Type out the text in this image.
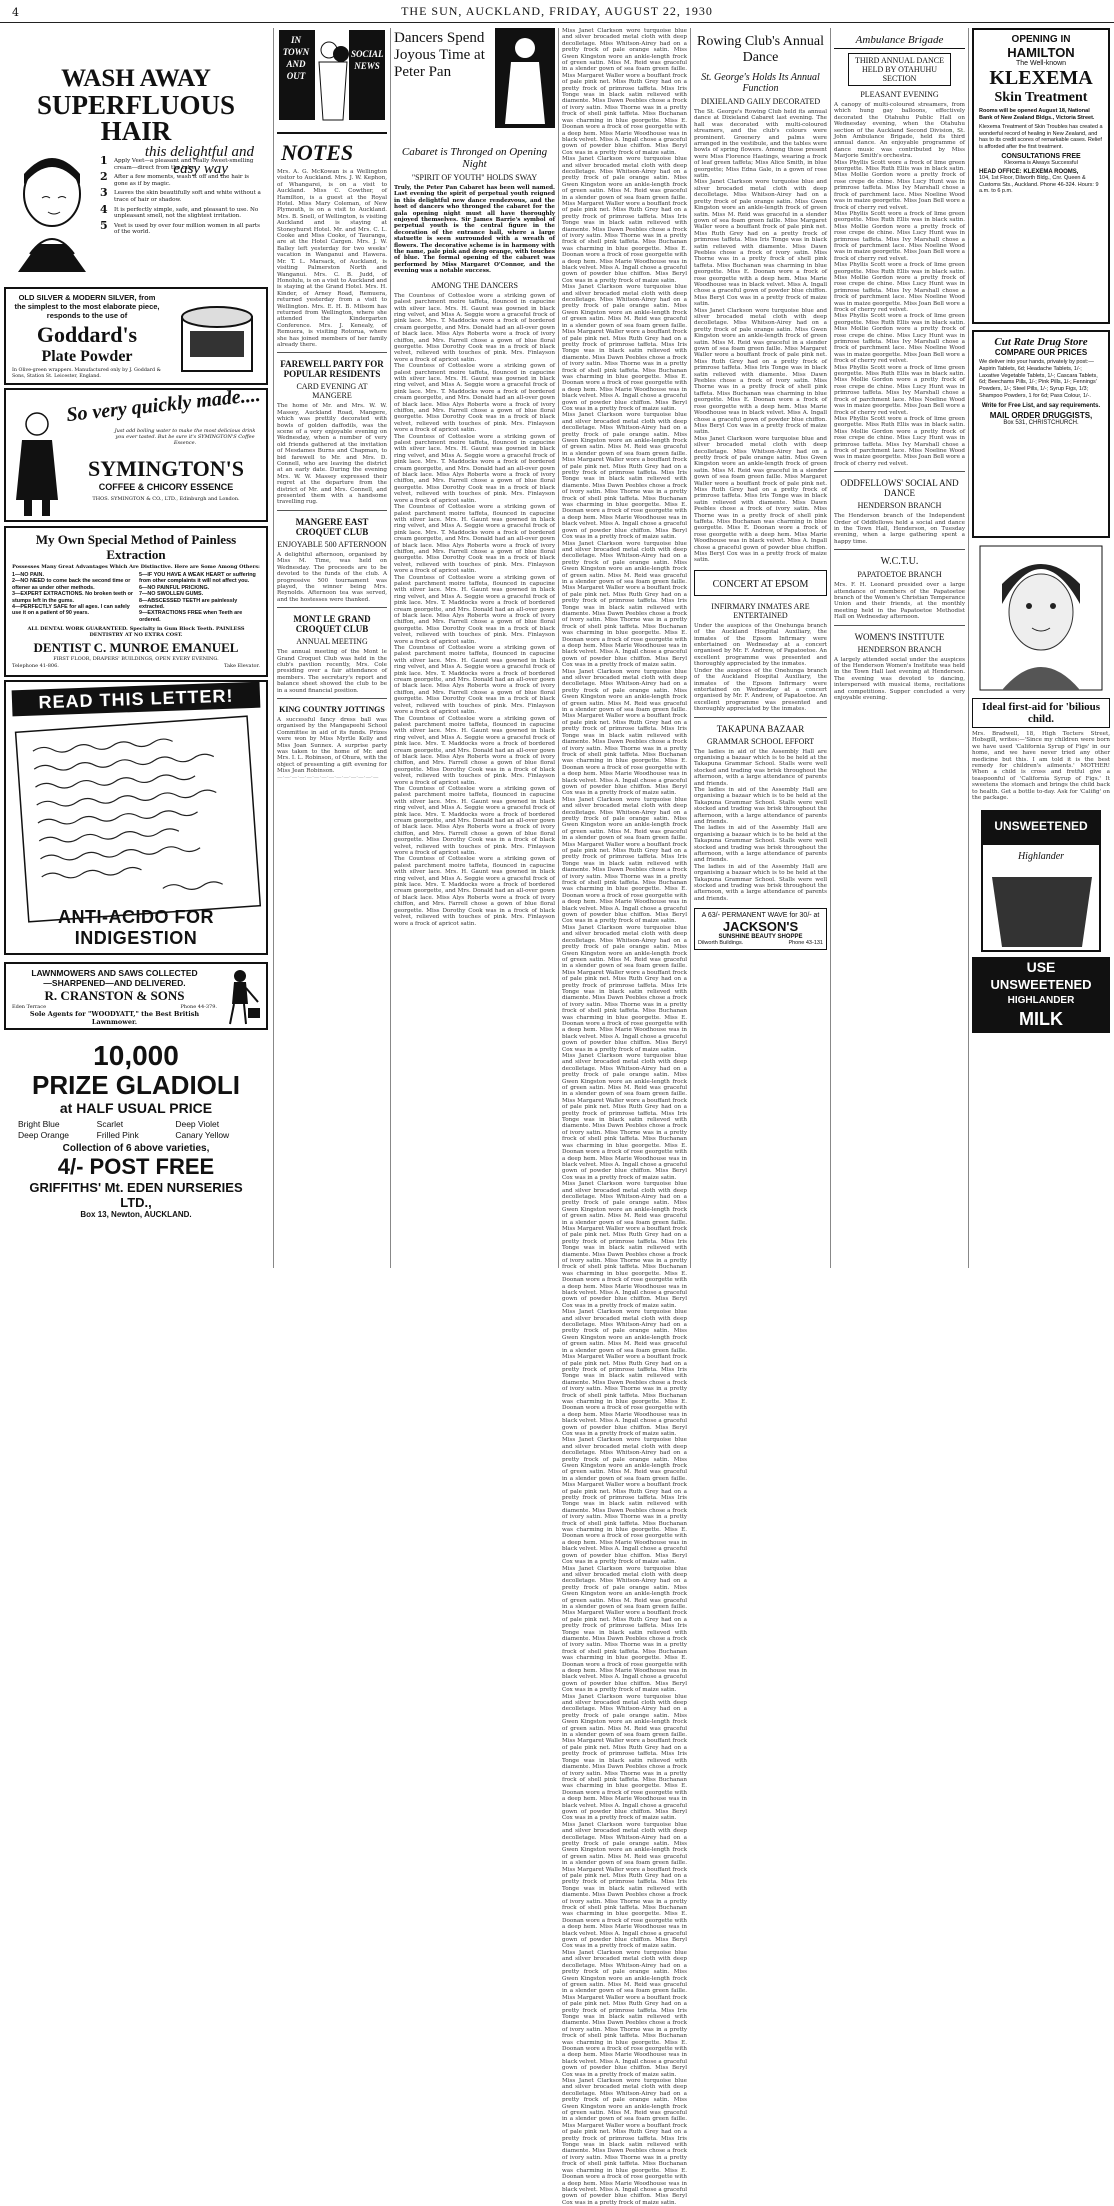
4	THE SUN, AUCKLAND, FRIDAY, AUGUST 22, 1930
WASH AWAY
SUPERFLUOUS HAIR
this delightful and
easy way
1 Apply Veet—a pleasant and really sweet-smelling cream—direct from the tube.
2 After a few moments, wash it off and the hair is gone as if by magic.
3 Leaves the skin beautifully soft and white without a trace of hair or shadow.
4 It is perfectly simple, safe, and pleasant to use. No unpleasant smell, not the slightest irritation.
5 Veet is used by over four million women in all parts of the world.
OLD SILVER & MODERN SILVER, from the simplest to the most elaborate piece, responds to the use of
Goddard's
Plate Powder
In Olive-green wrappers. Manufactured only by J. Goddard & Sons, Station St. Leicester, England.
So very quickly made....
Just add boiling water to make the most delicious drink you ever tasted. But be sure it's SYMINGTON'S Coffee Essence.
SYMINGTON'S
COFFEE & CHICORY ESSENCE
THOS. SYMINGTON & CO., LTD., Edinburgh and London.
My Own Special Method of Painless Extraction
Possesses Many Great Advantages Which Are Distinctive. Here are Some Among Others:
1—NO PAIN.
2—NO NEED to come back the second time or oftener as under other methods.
3—EXPERT EXTRACTIONS. No broken teeth or stumps left in the gums.
4—PERFECTLY SAFE for all ages. I can safely use it on a patient of 90 years.
5—IF YOU HAVE A WEAK HEART or suffering from other complaints it will not affect you.
6—NO PAINFUL PRICKING.
7—NO SWOLLEN GUMS.
8—ABSCESSED TEETH are painlessly extracted.
9—EXTRACTIONS FREE when Teeth are ordered.
ALL DENTAL WORK GUARANTEED. Specialty in Gum Block Teeth. PAINLESS DENTISTRY AT NO EXTRA COST.
DENTIST C. MUNROE EMANUEL
FIRST FLOOR, DRAPERS' BUILDINGS, OPEN EVERY EVENING.
Telephone 41-806.	Take Elevator.
READ THIS LETTER!
ANTI-ACIDO FOR INDIGESTION
LAWNMOWERS AND SAWS COLLECTED
—SHARPENED—AND DELIVERED.
R. CRANSTON & SONS
Eden Terrace	Phone 44-379.
Sole Agents for "WOODYATT," the Best British Lawnmower.
10,000
PRIZE GLADIOLI
at HALF USUAL PRICE
Bright Blue	Scarlet	Deep Violet
Deep Orange	Frilled Pink	Canary Yellow
Collection of 6 above varieties,
4/- POST FREE
GRIFFITHS' Mt. EDEN NURSERIES LTD.,
Box 13, Newton, AUCKLAND.
IN TOWN AND OUT
SOCIAL NEWS
NOTES
Mrs. A. G. McKowan is a Wellington visitor to Auckland. Mrs. J. W. Kephon, of Whangarei, is on a visit to Auckland. Miss C. Cowther, of Hamilton, is a guest at the Royal Hotel. Miss Mary Coleman, of New Plymouth, is on a visit to Auckland. Mrs. B. Snell, of Wellington, is visiting Auckland and is staying at Stoneyhurst Hotel. Mr. and Mrs. C. L. Cooke and Miss Cooke, of Tauranga, are at the Hotel Cargen. Mrs. J. W. Balley left yesterday for two weeks' vacation in Wanganui and Hawera. Mr. T. L. Marsack, of Auckland, is visiting Palmerston North and Wanganui. Mrs. C. B. Judd, of Honolulu, is on a visit to Auckland and is staying at the Grand Hotel. Mrs. H. Kinder, of Arney Road, Remuera, returned yesterday from a visit to Wellington. Mrs. E. H. B. Milsom has returned from Wellington, where she attended the Kindergarten Conference. Mrs. J. Kenealy, of Remuera, is visiting Rotorua, where she has joined members of her family already there.
FAREWELL PARTY FOR POPULAR RESIDENTS
CARD EVENING AT MANGERE
The home of Mr. and Mrs. W. W. Massey, Auckland Road, Mangere, which was prettily decorated with bowls of golden daffodils, was the scene of a very enjoyable evening on Wednesday, when a number of very old friends gathered at the invitation of Mesdames Burns and Chapman, to bid farewell to Mr. and Mrs. D. Connell, who are leaving the district at an early date. During the evening Mrs. W. W. Massey expressed their regret at the departure from the district of Mr. and Mrs. Connell, and presented them with a handsome travelling rug.
MANGERE EAST CROQUET CLUB
ENJOYABLE 500 AFTERNOON
A delightful afternoon, organised by Miss M. Time, was held on Wednesday. The proceeds are to be devoted to the funds of the club. A progressive 500 tournament was played, the winner being Mrs. Reynolds. Afternoon tea was served, and the hostesses were thanked.
MONT LE GRAND CROQUET CLUB
ANNUAL MEETING
The annual meeting of the Mont le Grand Croquet Club was held in the club's pavilion recently, Mrs. Cole presiding over a fair attendance of members. The secretary's report and balance sheet showed the club to be in a sound financial position.
KING COUNTRY JOTTINGS
A successful fancy dress ball was organised by the Mangapeehi School Committee in aid of its funds. Prizes were won by Miss Myrtle Kelly and Miss Joan Sunnex. A surprise party was taken to the home of Mr. and Mrs. I. L. Robinson, of Ohura, with the object of presenting a gift evening for Miss Jean Robinson.
—·—·—·—·—·—·—·—·—·—·—·—·—·—
Dancers Spend Joyous Time at Peter Pan
Cabaret is Thronged on Opening Night
"SPIRIT OF YOUTH" HOLDS SWAY
Truly, the Peter Pan Cabaret has been well named. Last evening the spirit of perpetual youth reigned in this delightful new dance rendezvous, and the host of dancers who thronged the cabaret for the gala opening night must all have thoroughly enjoyed themselves. Sir James Barrie's symbol of perpetual youth is the central figure in the decoration of the entrance hall, where a large statuette is seen surrounded with a wreath of flowers. The decorative scheme is in harmony with the name, pale pink and deep orange, with touches of blue. The formal opening of the cabaret was performed by Miss Margaret O'Connor, and the evening was a notable success.
AMONG THE DANCERS
The Countess of Cottesloe wore a striking gown of palest parchment moire taffeta, flounced in capucine with silver lace. Mrs. H. Gaunt was gowned in black ring velvet, and Miss A. Seggie wore a graceful frock of pink lace. Mrs. T. Maddocks wore a frock of bordered cream georgette, and Mrs. Donald had an all-over gown of black lace. Miss Alys Roberts wore a frock of ivory chiffon, and Mrs. Farrell chose a gown of blue floral georgette. Miss Dorothy Cook was in a frock of black velvet, relieved with touches of pink. Mrs. Finlayson wore a frock of apricot satin.
The Countess of Cottesloe wore a striking gown of palest parchment moire taffeta, flounced in capucine with silver lace. Mrs. H. Gaunt was gowned in black ring velvet, and Miss A. Seggie wore a graceful frock of pink lace. Mrs. T. Maddocks wore a frock of bordered cream georgette, and Mrs. Donald had an all-over gown of black lace. Miss Alys Roberts wore a frock of ivory chiffon, and Mrs. Farrell chose a gown of blue floral georgette. Miss Dorothy Cook was in a frock of black velvet, relieved with touches of pink. Mrs. Finlayson wore a frock of apricot satin.
The Countess of Cottesloe wore a striking gown of palest parchment moire taffeta, flounced in capucine with silver lace. Mrs. H. Gaunt was gowned in black ring velvet, and Miss A. Seggie wore a graceful frock of pink lace. Mrs. T. Maddocks wore a frock of bordered cream georgette, and Mrs. Donald had an all-over gown of black lace. Miss Alys Roberts wore a frock of ivory chiffon, and Mrs. Farrell chose a gown of blue floral georgette. Miss Dorothy Cook was in a frock of black velvet, relieved with touches of pink. Mrs. Finlayson wore a frock of apricot satin.
The Countess of Cottesloe wore a striking gown of palest parchment moire taffeta, flounced in capucine with silver lace. Mrs. H. Gaunt was gowned in black ring velvet, and Miss A. Seggie wore a graceful frock of pink lace. Mrs. T. Maddocks wore a frock of bordered cream georgette, and Mrs. Donald had an all-over gown of black lace. Miss Alys Roberts wore a frock of ivory chiffon, and Mrs. Farrell chose a gown of blue floral georgette. Miss Dorothy Cook was in a frock of black velvet, relieved with touches of pink. Mrs. Finlayson wore a frock of apricot satin.
The Countess of Cottesloe wore a striking gown of palest parchment moire taffeta, flounced in capucine with silver lace. Mrs. H. Gaunt was gowned in black ring velvet, and Miss A. Seggie wore a graceful frock of pink lace. Mrs. T. Maddocks wore a frock of bordered cream georgette, and Mrs. Donald had an all-over gown of black lace. Miss Alys Roberts wore a frock of ivory chiffon, and Mrs. Farrell chose a gown of blue floral georgette. Miss Dorothy Cook was in a frock of black velvet, relieved with touches of pink. Mrs. Finlayson wore a frock of apricot satin.
The Countess of Cottesloe wore a striking gown of palest parchment moire taffeta, flounced in capucine with silver lace. Mrs. H. Gaunt was gowned in black ring velvet, and Miss A. Seggie wore a graceful frock of pink lace. Mrs. T. Maddocks wore a frock of bordered cream georgette, and Mrs. Donald had an all-over gown of black lace. Miss Alys Roberts wore a frock of ivory chiffon, and Mrs. Farrell chose a gown of blue floral georgette. Miss Dorothy Cook was in a frock of black velvet, relieved with touches of pink. Mrs. Finlayson wore a frock of apricot satin.
The Countess of Cottesloe wore a striking gown of palest parchment moire taffeta, flounced in capucine with silver lace. Mrs. H. Gaunt was gowned in black ring velvet, and Miss A. Seggie wore a graceful frock of pink lace. Mrs. T. Maddocks wore a frock of bordered cream georgette, and Mrs. Donald had an all-over gown of black lace. Miss Alys Roberts wore a frock of ivory chiffon, and Mrs. Farrell chose a gown of blue floral georgette. Miss Dorothy Cook was in a frock of black velvet, relieved with touches of pink. Mrs. Finlayson wore a frock of apricot satin.
The Countess of Cottesloe wore a striking gown of palest parchment moire taffeta, flounced in capucine with silver lace. Mrs. H. Gaunt was gowned in black ring velvet, and Miss A. Seggie wore a graceful frock of pink lace. Mrs. T. Maddocks wore a frock of bordered cream georgette, and Mrs. Donald had an all-over gown of black lace. Miss Alys Roberts wore a frock of ivory chiffon, and Mrs. Farrell chose a gown of blue floral georgette. Miss Dorothy Cook was in a frock of black velvet, relieved with touches of pink. Mrs. Finlayson wore a frock of apricot satin.
The Countess of Cottesloe wore a striking gown of palest parchment moire taffeta, flounced in capucine with silver lace. Mrs. H. Gaunt was gowned in black ring velvet, and Miss A. Seggie wore a graceful frock of pink lace. Mrs. T. Maddocks wore a frock of bordered cream georgette, and Mrs. Donald had an all-over gown of black lace. Miss Alys Roberts wore a frock of ivory chiffon, and Mrs. Farrell chose a gown of blue floral georgette. Miss Dorothy Cook was in a frock of black velvet, relieved with touches of pink. Mrs. Finlayson wore a frock of apricot satin.
Miss Janet Clarkson wore turquoise blue and silver brocaded metal cloth with deep decolletage. Miss Whitson-Airey had on a pretty frock of pale orange satin. Miss Gwen Kingston wore an ankle-length frock of green satin. Miss M. Reid was graceful in a slender gown of sea foam green faille. Miss Margaret Waller wore a bouffant frock of pale pink net. Miss Ruth Grey had on a pretty frock of primrose taffeta. Miss Iris Tonge was in black satin relieved with diamente. Miss Dawn Peebles chose a frock of ivory satin. Miss Thorne was in a pretty frock of shell pink taffeta. Miss Buchanan was charming in blue georgette. Miss E. Doonan wore a frock of rose georgette with a deep hem. Miss Marie Woodhouse was in black velvet. Miss A. Ingall chose a graceful gown of powder blue chiffon. Miss Beryl Cox was in a pretty frock of maize satin.
Miss Janet Clarkson wore turquoise blue and silver brocaded metal cloth with deep decolletage. Miss Whitson-Airey had on a pretty frock of pale orange satin. Miss Gwen Kingston wore an ankle-length frock of green satin. Miss M. Reid was graceful in a slender gown of sea foam green faille. Miss Margaret Waller wore a bouffant frock of pale pink net. Miss Ruth Grey had on a pretty frock of primrose taffeta. Miss Iris Tonge was in black satin relieved with diamente. Miss Dawn Peebles chose a frock of ivory satin. Miss Thorne was in a pretty frock of shell pink taffeta. Miss Buchanan was charming in blue georgette. Miss E. Doonan wore a frock of rose georgette with a deep hem. Miss Marie Woodhouse was in black velvet. Miss A. Ingall chose a graceful gown of powder blue chiffon. Miss Beryl Cox was in a pretty frock of maize satin.
Miss Janet Clarkson wore turquoise blue and silver brocaded metal cloth with deep decolletage. Miss Whitson-Airey had on a pretty frock of pale orange satin. Miss Gwen Kingston wore an ankle-length frock of green satin. Miss M. Reid was graceful in a slender gown of sea foam green faille. Miss Margaret Waller wore a bouffant frock of pale pink net. Miss Ruth Grey had on a pretty frock of primrose taffeta. Miss Iris Tonge was in black satin relieved with diamente. Miss Dawn Peebles chose a frock of ivory satin. Miss Thorne was in a pretty frock of shell pink taffeta. Miss Buchanan was charming in blue georgette. Miss E. Doonan wore a frock of rose georgette with a deep hem. Miss Marie Woodhouse was in black velvet. Miss A. Ingall chose a graceful gown of powder blue chiffon. Miss Beryl Cox was in a pretty frock of maize satin.
Miss Janet Clarkson wore turquoise blue and silver brocaded metal cloth with deep decolletage. Miss Whitson-Airey had on a pretty frock of pale orange satin. Miss Gwen Kingston wore an ankle-length frock of green satin. Miss M. Reid was graceful in a slender gown of sea foam green faille. Miss Margaret Waller wore a bouffant frock of pale pink net. Miss Ruth Grey had on a pretty frock of primrose taffeta. Miss Iris Tonge was in black satin relieved with diamente. Miss Dawn Peebles chose a frock of ivory satin. Miss Thorne was in a pretty frock of shell pink taffeta. Miss Buchanan was charming in blue georgette. Miss E. Doonan wore a frock of rose georgette with a deep hem. Miss Marie Woodhouse was in black velvet. Miss A. Ingall chose a graceful gown of powder blue chiffon. Miss Beryl Cox was in a pretty frock of maize satin.
Miss Janet Clarkson wore turquoise blue and silver brocaded metal cloth with deep decolletage. Miss Whitson-Airey had on a pretty frock of pale orange satin. Miss Gwen Kingston wore an ankle-length frock of green satin. Miss M. Reid was graceful in a slender gown of sea foam green faille. Miss Margaret Waller wore a bouffant frock of pale pink net. Miss Ruth Grey had on a pretty frock of primrose taffeta. Miss Iris Tonge was in black satin relieved with diamente. Miss Dawn Peebles chose a frock of ivory satin. Miss Thorne was in a pretty frock of shell pink taffeta. Miss Buchanan was charming in blue georgette. Miss E. Doonan wore a frock of rose georgette with a deep hem. Miss Marie Woodhouse was in black velvet. Miss A. Ingall chose a graceful gown of powder blue chiffon. Miss Beryl Cox was in a pretty frock of maize satin.
Miss Janet Clarkson wore turquoise blue and silver brocaded metal cloth with deep decolletage. Miss Whitson-Airey had on a pretty frock of pale orange satin. Miss Gwen Kingston wore an ankle-length frock of green satin. Miss M. Reid was graceful in a slender gown of sea foam green faille. Miss Margaret Waller wore a bouffant frock of pale pink net. Miss Ruth Grey had on a pretty frock of primrose taffeta. Miss Iris Tonge was in black satin relieved with diamente. Miss Dawn Peebles chose a frock of ivory satin. Miss Thorne was in a pretty frock of shell pink taffeta. Miss Buchanan was charming in blue georgette. Miss E. Doonan wore a frock of rose georgette with a deep hem. Miss Marie Woodhouse was in black velvet. Miss A. Ingall chose a graceful gown of powder blue chiffon. Miss Beryl Cox was in a pretty frock of maize satin.
Miss Janet Clarkson wore turquoise blue and silver brocaded metal cloth with deep decolletage. Miss Whitson-Airey had on a pretty frock of pale orange satin. Miss Gwen Kingston wore an ankle-length frock of green satin. Miss M. Reid was graceful in a slender gown of sea foam green faille. Miss Margaret Waller wore a bouffant frock of pale pink net. Miss Ruth Grey had on a pretty frock of primrose taffeta. Miss Iris Tonge was in black satin relieved with diamente. Miss Dawn Peebles chose a frock of ivory satin. Miss Thorne was in a pretty frock of shell pink taffeta. Miss Buchanan was charming in blue georgette. Miss E. Doonan wore a frock of rose georgette with a deep hem. Miss Marie Woodhouse was in black velvet. Miss A. Ingall chose a graceful gown of powder blue chiffon. Miss Beryl Cox was in a pretty frock of maize satin.
Miss Janet Clarkson wore turquoise blue and silver brocaded metal cloth with deep decolletage. Miss Whitson-Airey had on a pretty frock of pale orange satin. Miss Gwen Kingston wore an ankle-length frock of green satin. Miss M. Reid was graceful in a slender gown of sea foam green faille. Miss Margaret Waller wore a bouffant frock of pale pink net. Miss Ruth Grey had on a pretty frock of primrose taffeta. Miss Iris Tonge was in black satin relieved with diamente. Miss Dawn Peebles chose a frock of ivory satin. Miss Thorne was in a pretty frock of shell pink taffeta. Miss Buchanan was charming in blue georgette. Miss E. Doonan wore a frock of rose georgette with a deep hem. Miss Marie Woodhouse was in black velvet. Miss A. Ingall chose a graceful gown of powder blue chiffon. Miss Beryl Cox was in a pretty frock of maize satin.
Miss Janet Clarkson wore turquoise blue and silver brocaded metal cloth with deep decolletage. Miss Whitson-Airey had on a pretty frock of pale orange satin. Miss Gwen Kingston wore an ankle-length frock of green satin. Miss M. Reid was graceful in a slender gown of sea foam green faille. Miss Margaret Waller wore a bouffant frock of pale pink net. Miss Ruth Grey had on a pretty frock of primrose taffeta. Miss Iris Tonge was in black satin relieved with diamente. Miss Dawn Peebles chose a frock of ivory satin. Miss Thorne was in a pretty frock of shell pink taffeta. Miss Buchanan was charming in blue georgette. Miss E. Doonan wore a frock of rose georgette with a deep hem. Miss Marie Woodhouse was in black velvet. Miss A. Ingall chose a graceful gown of powder blue chiffon. Miss Beryl Cox was in a pretty frock of maize satin.
Miss Janet Clarkson wore turquoise blue and silver brocaded metal cloth with deep decolletage. Miss Whitson-Airey had on a pretty frock of pale orange satin. Miss Gwen Kingston wore an ankle-length frock of green satin. Miss M. Reid was graceful in a slender gown of sea foam green faille. Miss Margaret Waller wore a bouffant frock of pale pink net. Miss Ruth Grey had on a pretty frock of primrose taffeta. Miss Iris Tonge was in black satin relieved with diamente. Miss Dawn Peebles chose a frock of ivory satin. Miss Thorne was in a pretty frock of shell pink taffeta. Miss Buchanan was charming in blue georgette. Miss E. Doonan wore a frock of rose georgette with a deep hem. Miss Marie Woodhouse was in black velvet. Miss A. Ingall chose a graceful gown of powder blue chiffon. Miss Beryl Cox was in a pretty frock of maize satin.
Miss Janet Clarkson wore turquoise blue and silver brocaded metal cloth with deep decolletage. Miss Whitson-Airey had on a pretty frock of pale orange satin. Miss Gwen Kingston wore an ankle-length frock of green satin. Miss M. Reid was graceful in a slender gown of sea foam green faille. Miss Margaret Waller wore a bouffant frock of pale pink net. Miss Ruth Grey had on a pretty frock of primrose taffeta. Miss Iris Tonge was in black satin relieved with diamente. Miss Dawn Peebles chose a frock of ivory satin. Miss Thorne was in a pretty frock of shell pink taffeta. Miss Buchanan was charming in blue georgette. Miss E. Doonan wore a frock of rose georgette with a deep hem. Miss Marie Woodhouse was in black velvet. Miss A. Ingall chose a graceful gown of powder blue chiffon. Miss Beryl Cox was in a pretty frock of maize satin.
Miss Janet Clarkson wore turquoise blue and silver brocaded metal cloth with deep decolletage. Miss Whitson-Airey had on a pretty frock of pale orange satin. Miss Gwen Kingston wore an ankle-length frock of green satin. Miss M. Reid was graceful in a slender gown of sea foam green faille. Miss Margaret Waller wore a bouffant frock of pale pink net. Miss Ruth Grey had on a pretty frock of primrose taffeta. Miss Iris Tonge was in black satin relieved with diamente. Miss Dawn Peebles chose a frock of ivory satin. Miss Thorne was in a pretty frock of shell pink taffeta. Miss Buchanan was charming in blue georgette. Miss E. Doonan wore a frock of rose georgette with a deep hem. Miss Marie Woodhouse was in black velvet. Miss A. Ingall chose a graceful gown of powder blue chiffon. Miss Beryl Cox was in a pretty frock of maize satin.
Miss Janet Clarkson wore turquoise blue and silver brocaded metal cloth with deep decolletage. Miss Whitson-Airey had on a pretty frock of pale orange satin. Miss Gwen Kingston wore an ankle-length frock of green satin. Miss M. Reid was graceful in a slender gown of sea foam green faille. Miss Margaret Waller wore a bouffant frock of pale pink net. Miss Ruth Grey had on a pretty frock of primrose taffeta. Miss Iris Tonge was in black satin relieved with diamente. Miss Dawn Peebles chose a frock of ivory satin. Miss Thorne was in a pretty frock of shell pink taffeta. Miss Buchanan was charming in blue georgette. Miss E. Doonan wore a frock of rose georgette with a deep hem. Miss Marie Woodhouse was in black velvet. Miss A. Ingall chose a graceful gown of powder blue chiffon. Miss Beryl Cox was in a pretty frock of maize satin.
Miss Janet Clarkson wore turquoise blue and silver brocaded metal cloth with deep decolletage. Miss Whitson-Airey had on a pretty frock of pale orange satin. Miss Gwen Kingston wore an ankle-length frock of green satin. Miss M. Reid was graceful in a slender gown of sea foam green faille. Miss Margaret Waller wore a bouffant frock of pale pink net. Miss Ruth Grey had on a pretty frock of primrose taffeta. Miss Iris Tonge was in black satin relieved with diamente. Miss Dawn Peebles chose a frock of ivory satin. Miss Thorne was in a pretty frock of shell pink taffeta. Miss Buchanan was charming in blue georgette. Miss E. Doonan wore a frock of rose georgette with a deep hem. Miss Marie Woodhouse was in black velvet. Miss A. Ingall chose a graceful gown of powder blue chiffon. Miss Beryl Cox was in a pretty frock of maize satin.
Miss Janet Clarkson wore turquoise blue and silver brocaded metal cloth with deep decolletage. Miss Whitson-Airey had on a pretty frock of pale orange satin. Miss Gwen Kingston wore an ankle-length frock of green satin. Miss M. Reid was graceful in a slender gown of sea foam green faille. Miss Margaret Waller wore a bouffant frock of pale pink net. Miss Ruth Grey had on a pretty frock of primrose taffeta. Miss Iris Tonge was in black satin relieved with diamente. Miss Dawn Peebles chose a frock of ivory satin. Miss Thorne was in a pretty frock of shell pink taffeta. Miss Buchanan was charming in blue georgette. Miss E. Doonan wore a frock of rose georgette with a deep hem. Miss Marie Woodhouse was in black velvet. Miss A. Ingall chose a graceful gown of powder blue chiffon. Miss Beryl Cox was in a pretty frock of maize satin.
Miss Janet Clarkson wore turquoise blue and silver brocaded metal cloth with deep decolletage. Miss Whitson-Airey had on a pretty frock of pale orange satin. Miss Gwen Kingston wore an ankle-length frock of green satin. Miss M. Reid was graceful in a slender gown of sea foam green faille. Miss Margaret Waller wore a bouffant frock of pale pink net. Miss Ruth Grey had on a pretty frock of primrose taffeta. Miss Iris Tonge was in black satin relieved with diamente. Miss Dawn Peebles chose a frock of ivory satin. Miss Thorne was in a pretty frock of shell pink taffeta. Miss Buchanan was charming in blue georgette. Miss E. Doonan wore a frock of rose georgette with a deep hem. Miss Marie Woodhouse was in black velvet. Miss A. Ingall chose a graceful gown of powder blue chiffon. Miss Beryl Cox was in a pretty frock of maize satin.
Miss Janet Clarkson wore turquoise blue and silver brocaded metal cloth with deep decolletage. Miss Whitson-Airey had on a pretty frock of pale orange satin. Miss Gwen Kingston wore an ankle-length frock of green satin. Miss M. Reid was graceful in a slender gown of sea foam green faille. Miss Margaret Waller wore a bouffant frock of pale pink net. Miss Ruth Grey had on a pretty frock of primrose taffeta. Miss Iris Tonge was in black satin relieved with diamente. Miss Dawn Peebles chose a frock of ivory satin. Miss Thorne was in a pretty frock of shell pink taffeta. Miss Buchanan was charming in blue georgette. Miss E. Doonan wore a frock of rose georgette with a deep hem. Miss Marie Woodhouse was in black velvet. Miss A. Ingall chose a graceful gown of powder blue chiffon. Miss Beryl Cox was in a pretty frock of maize satin.
Rowing Club's Annual Dance
St. George's Holds Its Annual Function
DIXIELAND GAILY DECORATED
The St. George's Rowing Club held its annual dance at Dixieland Cabaret last evening. The hall was decorated with multi-coloured streamers, and the club's colours were prominent. Greenery and palms were arranged in the vestibule, and the tables were bowls of spring flowers. Among those present were Miss Florence Hastings, wearing a frock of leaf green taffeta; Miss Alice Smith, in blue georgette; Miss Edna Gale, in a gown of rose satin.
Miss Janet Clarkson wore turquoise blue and silver brocaded metal cloth with deep decolletage. Miss Whitson-Airey had on a pretty frock of pale orange satin. Miss Gwen Kingston wore an ankle-length frock of green satin. Miss M. Reid was graceful in a slender gown of sea foam green faille. Miss Margaret Waller wore a bouffant frock of pale pink net. Miss Ruth Grey had on a pretty frock of primrose taffeta. Miss Iris Tonge was in black satin relieved with diamente. Miss Dawn Peebles chose a frock of ivory satin. Miss Thorne was in a pretty frock of shell pink taffeta. Miss Buchanan was charming in blue georgette. Miss E. Doonan wore a frock of rose georgette with a deep hem. Miss Marie Woodhouse was in black velvet. Miss A. Ingall chose a graceful gown of powder blue chiffon. Miss Beryl Cox was in a pretty frock of maize satin.
Miss Janet Clarkson wore turquoise blue and silver brocaded metal cloth with deep decolletage. Miss Whitson-Airey had on a pretty frock of pale orange satin. Miss Gwen Kingston wore an ankle-length frock of green satin. Miss M. Reid was graceful in a slender gown of sea foam green faille. Miss Margaret Waller wore a bouffant frock of pale pink net. Miss Ruth Grey had on a pretty frock of primrose taffeta. Miss Iris Tonge was in black satin relieved with diamente. Miss Dawn Peebles chose a frock of ivory satin. Miss Thorne was in a pretty frock of shell pink taffeta. Miss Buchanan was charming in blue georgette. Miss E. Doonan wore a frock of rose georgette with a deep hem. Miss Marie Woodhouse was in black velvet. Miss A. Ingall chose a graceful gown of powder blue chiffon. Miss Beryl Cox was in a pretty frock of maize satin.
Miss Janet Clarkson wore turquoise blue and silver brocaded metal cloth with deep decolletage. Miss Whitson-Airey had on a pretty frock of pale orange satin. Miss Gwen Kingston wore an ankle-length frock of green satin. Miss M. Reid was graceful in a slender gown of sea foam green faille. Miss Margaret Waller wore a bouffant frock of pale pink net. Miss Ruth Grey had on a pretty frock of primrose taffeta. Miss Iris Tonge was in black satin relieved with diamente. Miss Dawn Peebles chose a frock of ivory satin. Miss Thorne was in a pretty frock of shell pink taffeta. Miss Buchanan was charming in blue georgette. Miss E. Doonan wore a frock of rose georgette with a deep hem. Miss Marie Woodhouse was in black velvet. Miss A. Ingall chose a graceful gown of powder blue chiffon. Miss Beryl Cox was in a pretty frock of maize satin.
CONCERT AT EPSOM
INFIRMARY INMATES ARE ENTERTAINED
Under the auspices of the Onehunga branch of the Auckland Hospital Auxiliary, the inmates of the Epsom Infirmary were entertained on Wednesday at a concert organised by Mr. F. Andrew, of Papatoetoe. An excellent programme was presented and thoroughly appreciated by the inmates.
Under the auspices of the Onehunga branch of the Auckland Hospital Auxiliary, the inmates of the Epsom Infirmary were entertained on Wednesday at a concert organised by Mr. F. Andrew, of Papatoetoe. An excellent programme was presented and thoroughly appreciated by the inmates.
TAKAPUNA BAZAAR
GRAMMAR SCHOOL EFFORT
The ladies in aid of the Assembly Hall are organising a bazaar which is to be held at the Takapuna Grammar School. Stalls were well stocked and trading was brisk throughout the afternoon, with a large attendance of parents and friends.
The ladies in aid of the Assembly Hall are organising a bazaar which is to be held at the Takapuna Grammar School. Stalls were well stocked and trading was brisk throughout the afternoon, with a large attendance of parents and friends.
The ladies in aid of the Assembly Hall are organising a bazaar which is to be held at the Takapuna Grammar School. Stalls were well stocked and trading was brisk throughout the afternoon, with a large attendance of parents and friends.
The ladies in aid of the Assembly Hall are organising a bazaar which is to be held at the Takapuna Grammar School. Stalls were well stocked and trading was brisk throughout the afternoon, with a large attendance of parents and friends.
A 63/- PERMANENT WAVE for 30/- at
JACKSON'S
SUNSHINE BEAUTY SHOPPE
Dilworth Buildings.	Phone 43-131
Ambulance Brigade
THIRD ANNUAL DANCE HELD BY OTAHUHU SECTION
PLEASANT EVENING
A canopy of multi-coloured streamers, from which hung gay balloons, effectively decorated the Otahuhu Public Hall on Wednesday evening, when the Otahuhu section of the Auckland Second Division, St. John Ambulance Brigade, held its third annual dance. An enjoyable programme of dance music was contributed by Miss Marjorie Smith's orchestra.
Miss Phyllis Scott wore a frock of lime green georgette. Miss Ruth Ellis was in black satin. Miss Mollie Gordon wore a pretty frock of rose crepe de chine. Miss Lucy Hunt was in primrose taffeta. Miss Ivy Marshall chose a frock of parchment lace. Miss Noeline Wood was in maize georgette. Miss Joan Bell wore a frock of cherry red velvet.
Miss Phyllis Scott wore a frock of lime green georgette. Miss Ruth Ellis was in black satin. Miss Mollie Gordon wore a pretty frock of rose crepe de chine. Miss Lucy Hunt was in primrose taffeta. Miss Ivy Marshall chose a frock of parchment lace. Miss Noeline Wood was in maize georgette. Miss Joan Bell wore a frock of cherry red velvet.
Miss Phyllis Scott wore a frock of lime green georgette. Miss Ruth Ellis was in black satin. Miss Mollie Gordon wore a pretty frock of rose crepe de chine. Miss Lucy Hunt was in primrose taffeta. Miss Ivy Marshall chose a frock of parchment lace. Miss Noeline Wood was in maize georgette. Miss Joan Bell wore a frock of cherry red velvet.
Miss Phyllis Scott wore a frock of lime green georgette. Miss Ruth Ellis was in black satin. Miss Mollie Gordon wore a pretty frock of rose crepe de chine. Miss Lucy Hunt was in primrose taffeta. Miss Ivy Marshall chose a frock of parchment lace. Miss Noeline Wood was in maize georgette. Miss Joan Bell wore a frock of cherry red velvet.
Miss Phyllis Scott wore a frock of lime green georgette. Miss Ruth Ellis was in black satin. Miss Mollie Gordon wore a pretty frock of rose crepe de chine. Miss Lucy Hunt was in primrose taffeta. Miss Ivy Marshall chose a frock of parchment lace. Miss Noeline Wood was in maize georgette. Miss Joan Bell wore a frock of cherry red velvet.
Miss Phyllis Scott wore a frock of lime green georgette. Miss Ruth Ellis was in black satin. Miss Mollie Gordon wore a pretty frock of rose crepe de chine. Miss Lucy Hunt was in primrose taffeta. Miss Ivy Marshall chose a frock of parchment lace. Miss Noeline Wood was in maize georgette. Miss Joan Bell wore a frock of cherry red velvet.
ODDFELLOWS' SOCIAL AND DANCE
HENDERSON BRANCH
The Henderson branch of the Independent Order of Oddfellows held a social and dance in the Town Hall, Henderson, on Tuesday evening, when a large gathering spent a happy time.
W.C.T.U.
PAPATOETOE BRANCH
Mrs. F. H. Leonard presided over a large attendance of members of the Papatoetoe branch of the Women's Christian Temperance Union and their friends, at the monthly meeting held in the Papatoetoe Methodist Hall on Wednesday afternoon.
WOMEN'S INSTITUTE
HENDERSON BRANCH
A largely attended social under the auspices of the Henderson Women's Institute was held in the Town Hall last evening at Henderson. The evening was devoted to dancing, interspersed with musical items, recitations and competitions. Supper concluded a very enjoyable evening.
OPENING IN
HAMILTON
The Well-known
KLEXEMA
Skin Treatment
Rooms will be opened August 18, National Bank of New Zealand Bldgs., Victoria Street.
Klexema Treatment of Skin Troubles has created a wonderful record of healing in New Zealand, and has to its credit scores of remarkable cases. Relief is afforded after the first treatment.
CONSULTATIONS FREE
Klexema is Always Successful
HEAD OFFICE: KLEXEMA ROOMS,
104, 1st Floor, Dilworth Bldg., Cnr. Queen & Customs Sts., Auckland. Phone 46-324. Hours: 9 a.m. to 6 p.m.
Cut Rate Drug Store
COMPARE OUR PRICES
We deliver into your hands, privately by post:— Aspirin Tablets, 6d; Headache Tablets, 1/-; Laxative Vegetable Tablets, 1/-; Cascara Tablets, 6d; Beechams Pills, 1/-; Pink Pills, 1/-; Fennings' Powders, 1/-; Steel Pills, 1/-; Syrup Figs, 1/3; Shampoo Powders, 1 for 6d; Pass Colour, 1/-.
Write for Free List, and say requirements.
MAIL ORDER DRUGGISTS,
Box 531, CHRISTCHURCH.
Ideal first-aid for 'bilious child.
Mrs. Bradwell, 18, High Tecters Street, Hobsgill, writes:—'Since my children were born we have used 'California Syrup of Figs' in our home, and we have never tried any other medicine but this. I am told it is the best remedy for children's ailments.' MOTHER! When a child is cross and fretful give a teaspoonful of 'California Syrup of Figs.' It sweetens the stomach and brings the child back to health. Get a bottle to-day. Ask for 'Califig' on the package.
UNSWEETENED
Highlander
USE
UNSWEETENED
HIGHLANDER
MILK
